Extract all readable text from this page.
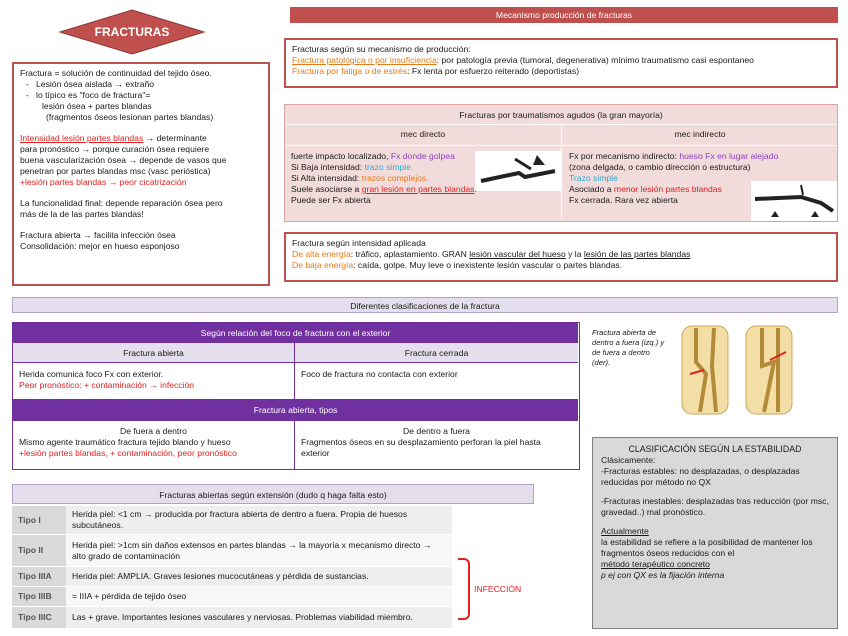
FRACTURAS
Fractura = solución de continuidad del tejido óseo.
-   Lesión ósea aislada → extraño
-   lo típico es "foco de fractura"=
lesión ósea + partes blandas
(fragmentos óseos lesionan partes blandas)
Intensidad lesión partes blandas → determinante
para pronóstico → porque curación ósea requiere
buena vascularización ósea → depende de vasos que
penetran por partes blandas msc (vasc perióstica)
+lesión partes blandas → peor cicatrización
La funcionalidad final: depende reparación ósea pero
más de la de las partes blandas!
Fractura abierta → facilita infección ósea
Consolidación: mejor en hueso esponjoso
Mecanismo producción de fracturas
Fracturas según su mecanismo de producción:
Fractura patológica o por insuficiencia: por patología previa (tumoral, degenerativa) mínimo traumatismo casi espontaneo
Fractura por fatiga o de estrés: Fx lenta por esfuerzo reiterado (deportistas)
Fracturas por traumatismos agudos (la gran mayoría)
mec directo	mec indirecto
fuerte impacto localizado, Fx donde golpea
Si Baja intensidad: trazo simple.
Si Alta intensidad: trazos complejos.
Suele asociarse a gran lesión en partes blandas
Puede ser Fx abierta
Fx por mecanismo indirecto: hueso Fx en lugar alejado
(zona delgada, o cambio dirección o estructura)
Trazo simple
Asociado a menor lesión partes blandas
Fx cerrada. Rara vez abierta
Fractura según intensidad aplicada
De alta energía: tráfico, aplastamiento. GRAN lesión vascular del hueso y la lesión de las partes blandas
De baja energía: caída, golpe. Muy leve o inexistente lesión vascular o partes blandas.
Diferentes clasificaciones de la fractura
Según relación del foco de fractura con el exterior
Fractura abierta	Fractura cerrada
Herida comunica foco Fx con exterior.
Peor pronóstico: + contaminación → infección
Foco de fractura no contacta con exterior
Fractura abierta, tipos
De fuera a dentro
Mismo agente traumático fractura tejido blando y hueso
+lesión partes blandas, + contaminación, peor pronóstico
De dentro a fuera
Fragmentos óseos en su desplazamiento perforan la piel hasta
exterior
Fractura abierta de dentro a fuera (izq.) y de fuera a dentro (der).
Fracturas abiertas según extensión (dudo q haga falta esto)
Tipo I
Herida piel: <1 cm → producida por fractura abierta de dentro a fuera. Propia de huesos subcutáneos.
Tipo II
Herida piel: >1cm sin daños extensos en partes blandas → la mayoría x mecanismo directo → alto grado de contaminación
Tipo IIIA	Herida piel: AMPLIA. Graves lesiones mucocutáneas y pérdida de sustancias.
Tipo IIIB	= IIIA + pérdida de tejido óseo
Tipo IIIC	Las + grave. Importantes lesiones vasculares y nerviosas. Problemas viabilidad miembro.
INFECCIÓN
CLASIFICACIÓN SEGÚN LA ESTABILIDAD
Clásicamente:
-Fracturas estables: no desplazadas, o desplazadas reducidas por método no QX
-Fracturas inestables: desplazadas tras reducción (por msc, gravedad..) mal pronóstico.
Actualmente
la estabilidad se refiere a la posibilidad de mantener los fragmentos óseos reducidos con el
método terapéutico concreto
p ej con QX es la fijación interna
